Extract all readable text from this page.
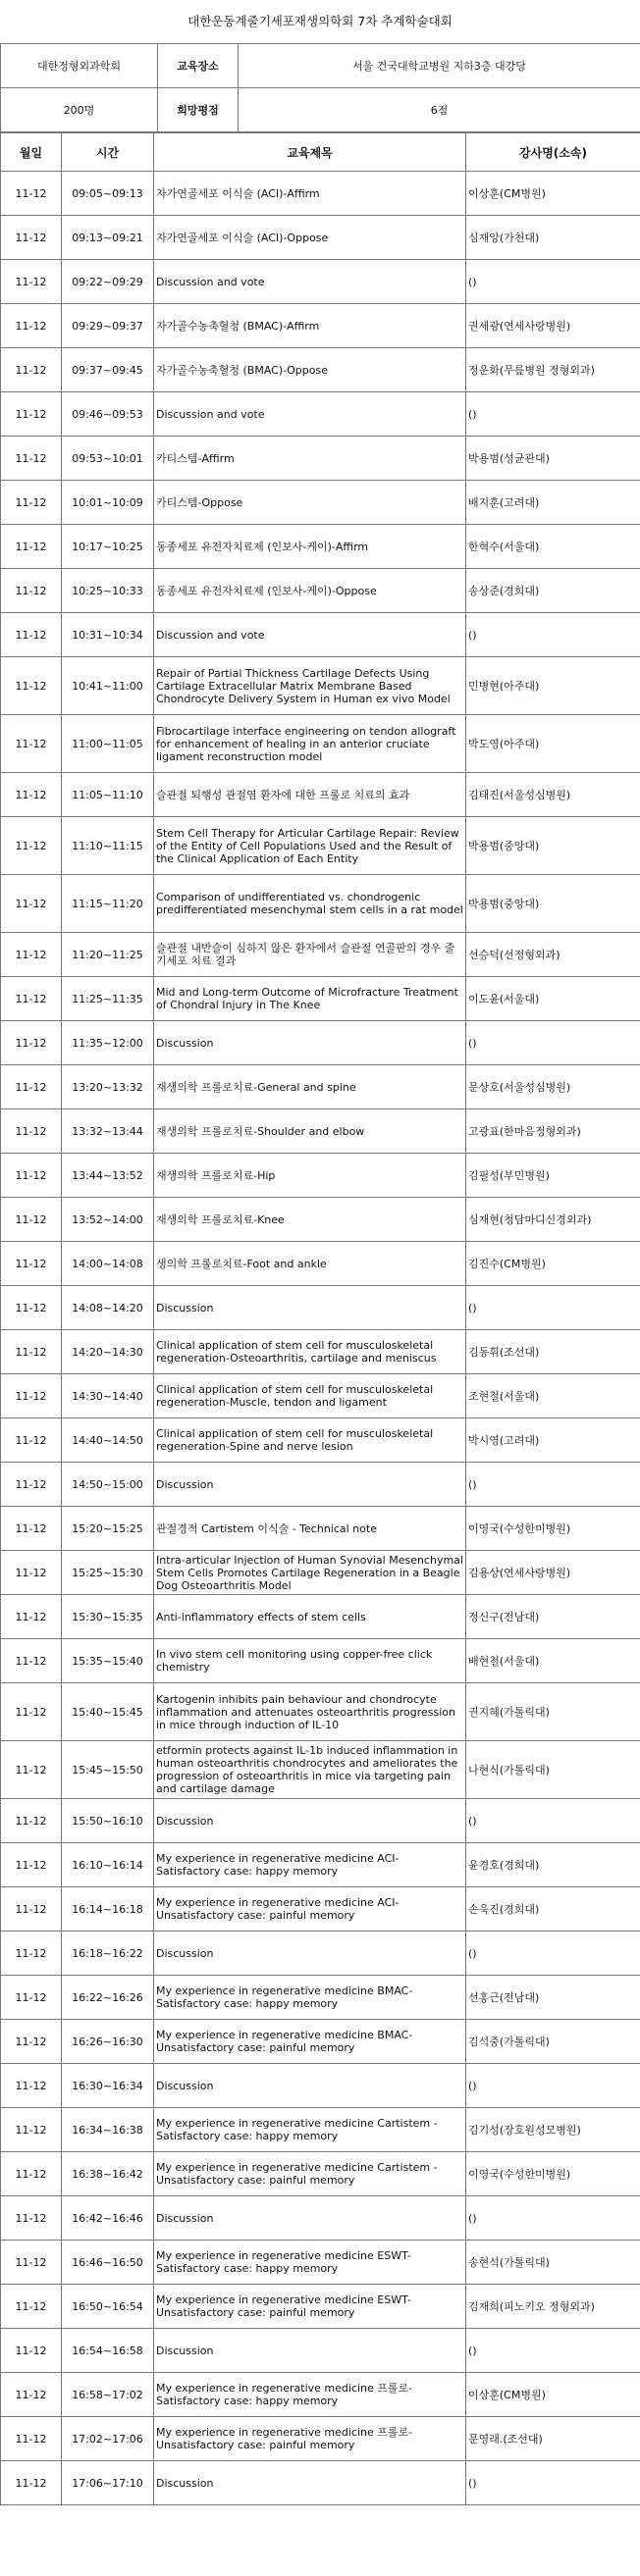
대한운동계줄기세포재생의학회 7차 추계학술대회
대한정형외과학회	교육장소	서울 건국대학교병원 지하3층 대강당
200명	희망평점	6점
월일	시간	교육제목	강사명(소속)
11-12	09:05~09:13	자가연골세포 이식술 (ACI)-Affirm	이상훈(CM병원)
11-12	09:13~09:21	자가연골세포 이식술 (ACI)-Oppose	심재앙(가천대)
11-12	09:22~09:29	Discussion and vote	()
11-12	09:29~09:37	자가골수농축혈청 (BMAC)-Affirm	권세광(연세사랑병원)
11-12	09:37~09:45	자가골수농축혈청 (BMAC)-Oppose	정운화(무릎병원 정형외과)
11-12	09:46~09:53	Discussion and vote	()
11-12	09:53~10:01	카티스템-Affirm	박용범(성균관대)
11-12	10:01~10:09	카티스템-Oppose	배지훈(고려대)
11-12	10:17~10:25	동종세포 유전자치료제 (인보사-케이)-Affirm	한혁수(서울대)
11-12	10:25~10:33	동종세포 유전자치료제 (인보사-케이)-Oppose	송상준(경희대)
11-12	10:31~10:34	Discussion and vote	()
11-12	10:41~11:00	Repair of Partial Thickness Cartilage Defects Using Cartilage Extracellular Matrix Membrane Based Chondrocyte Delivery System in Human ex vivo Model	민병현(아주대)
11-12	11:00~11:05	Fibrocartilage interface engineering on tendon allograft for enhancement of healing in an anterior cruciate ligament reconstruction model	박도영(아주대)
11-12	11:05~11:10	슬관절 퇴행성 관절염 환자에 대한 프롤로 치료의 효과	김태진(서울성심병원)
11-12	11:10~11:15	Stem Cell Therapy for Articular Cartilage Repair: Review of the Entity of Cell Populations Used and the Result of the Clinical Application of Each Entity	박용범(중앙대)
11-12	11:15~11:20	Comparison of undifferentiated vs. chondrogenic predifferentiated mesenchymal stem cells in a rat model	박용범(중앙대)
11-12	11:20~11:25	슬관절 내반슬이 심하지 않은 환자에서 슬관절 연골판의 경우 줄기세포 치료 결과	선승덕(선정형외과)
11-12	11:25~11:35	Mid and Long-term Outcome of Microfracture Treatment of Chondral Injury in The Knee	이도윤(서울대)
11-12	11:35~12:00	Discussion	()
11-12	13:20~13:32	재생의학 프롤로치료-General and spine	문상호(서울성심병원)
11-12	13:32~13:44	재생의학 프롤로치료-Shoulder and elbow	고광표(한마음정형외과)
11-12	13:44~13:52	재생의학 프롤로치료-Hip	김필성(부민병원)
11-12	13:52~14:00	재생의학 프롤로치료-Knee	심재현(청담마디신경외과)
11-12	14:00~14:08	생의학 프롤로치료-Foot and ankle	김진수(CM병원)
11-12	14:08~14:20	Discussion	()
11-12	14:20~14:30	Clinical application of stem cell for musculoskeletal regeneration-Osteoarthritis, cartilage and meniscus	김동휘(조선대)
11-12	14:30~14:40	Clinical application of stem cell for musculoskeletal regeneration-Muscle, tendon and ligament	조현철(서울대)
11-12	14:40~14:50	Clinical application of stem cell for musculoskeletal regeneration-Spine and nerve lesion	박시영(고려대)
11-12	14:50~15:00	Discussion	()
11-12	15:20~15:25	관절경적 Cartistem 이식술 - Technical note	이영국(수성한미병원)
11-12	15:25~15:30	Intra-articular Injection of Human Synovial Mesenchymal Stem Cells Promotes Cartilage Regeneration in a Beagle Dog Osteoarthritis Model	김용상(연세사랑병원)
11-12	15:30~15:35	Anti-inflammatory effects of stem cells	정신구(전남대)
11-12	15:35~15:40	In vivo stem cell monitoring using copper-free click chemistry	배현철(서울대)
11-12	15:40~15:45	Kartogenin inhibits pain behaviour and chondrocyte inflammation and attenuates osteoarthritis progression in mice through induction of IL-10	권지혜(가톨릭대)
11-12	15:45~15:50	etformin protects against IL-1b induced inflammation in human osteoarthritis chondrocytes and ameliorates the progression of osteoarthritis in mice via targeting pain and cartilage damage	나현식(가톨릭대)
11-12	15:50~16:10	Discussion	()
11-12	16:10~16:14	My experience in regenerative medicine ACI-Satisfactory case: happy memory	윤경호(경희대)
11-12	16:14~16:18	My experience in regenerative medicine ACI-Unsatisfactory case: painful memory	손욱진(경희대)
11-12	16:18~16:22	Discussion	()
11-12	16:22~16:26	My experience in regenerative medicine BMAC-Satisfactory case: happy memory	선홍근(전남대)
11-12	16:26~16:30	My experience in regenerative medicine BMAC-Unsatisfactory case: painful memory	김석중(가톨릭대)
11-12	16:30~16:34	Discussion	()
11-12	16:34~16:38	My experience in regenerative medicine Cartistem - Satisfactory case: happy memory	김기성(장호원성모병원)
11-12	16:38~16:42	My experience in regenerative medicine Cartistem - Unsatisfactory case: painful memory	이영국(수성한미병원)
11-12	16:42~16:46	Discussion	()
11-12	16:46~16:50	My experience in regenerative medicine ESWT-Satisfactory case: happy memory	송현석(가톨릭대)
11-12	16:50~16:54	My experience in regenerative medicine ESWT-Unsatisfactory case: painful memory	김재희(피노키오 정형외과)
11-12	16:54~16:58	Discussion	()
11-12	16:58~17:02	My experience in regenerative medicine 프롤로-Satisfactory case: happy memory	이상훈(CM병원)
11-12	17:02~17:06	My experience in regenerative medicine 프롤로-Unsatisfactory case: painful memory	문영래.(조선대)
11-12	17:06~17:10	Discussion	()
